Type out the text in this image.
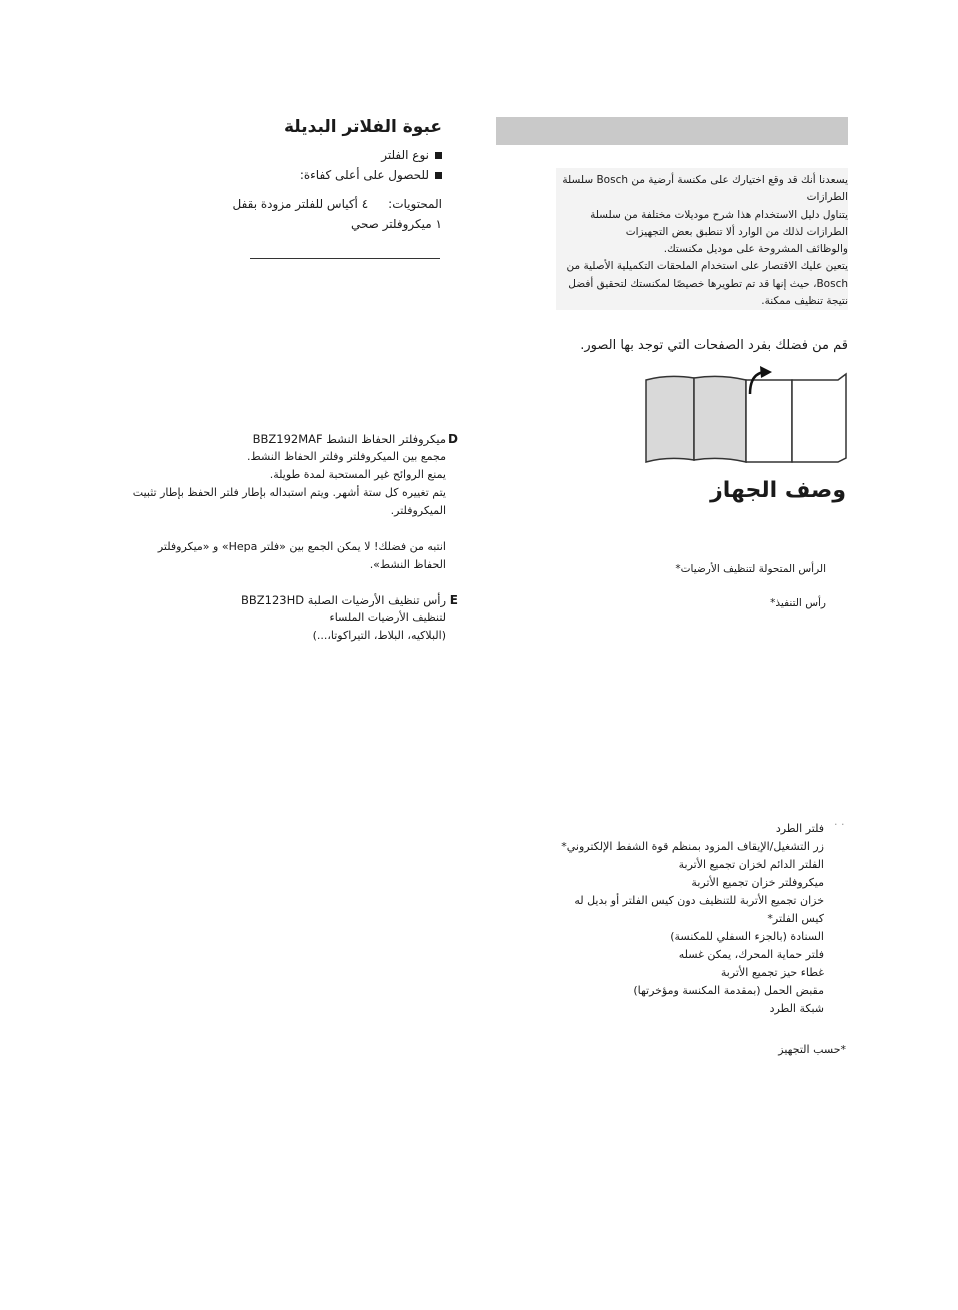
يسعدنا أنك قد وقع اختيارك على مكنسة أرضية من Bosch سلسلة
الطرازات
يتناول دليل الاستخدام هذا شرح موديلات مختلفة من سلسلة
الطرازات لذلك من الوارد ألا تنطبق بعض التجهيزات
والوظائف المشروحة على موديل مكنستك.
يتعين عليك الاقتصار على استخدام الملحقات التكميلية الأصلية من
Bosch، حيث إنها قد تم تطويرها خصيصًا لمكنستك لتحقيق أفضل
نتيجة تنظيف ممكنة.
قم من فضلك بفرد الصفحات التي توجد بها الصور.
وصف الجهاز
الرأس المتحولة لتنظيف الأرضيات*
رأس التنفيذ*
· ·
فلتر الطرد
زر التشغيل/الإيقاف المزود بمنظم قوة الشفط الإلكتروني*
الفلتر الدائم لخزان تجميع الأتربة
ميكروفلتر خزان تجميع الأتربة
خزان تجميع الأتربة للتنظيف دون كيس الفلتر أو بديل له
كيس الفلتر*
السنادة (بالجزء السفلي للمكنسة)
فلتر حماية المحرك، يمكن غسله
غطاء حيز تجميع الأتربة
مقبض الحمل (بمقدمة المكنسة ومؤخرتها)
شبكة الطرد
*حسب التجهيز
عبوة الفلاتر البديلة
نوع الفلتر
للحصول على أعلى كفاءة:
المحتويات:٤ أكياس للفلتر مزودة بقفل
١ ميكروفلتر صحي
D
ميكروفلتر الحفاظ النشط BBZ192MAF
مجمع بين الميكروفلتر وفلتر الحفاظ النشط.
يمنع الروائح غير المستحبة لمدة طويلة.
يتم تغييره كل ستة أشهر. ويتم استبداله بإطار فلتر الحفظ بإطار تثبيت
الميكروفلتر.
انتبه من فضلك! لا يمكن الجمع بين «فلتر Hepa» و «ميكروفلتر
الحفاظ النشط».
E
رأس تنظيف الأرضيات الصلبة BBZ123HD
لتنظيف الأرضيات الملساء
(البلاكيه، البلاط، التيراكوتا،...)
